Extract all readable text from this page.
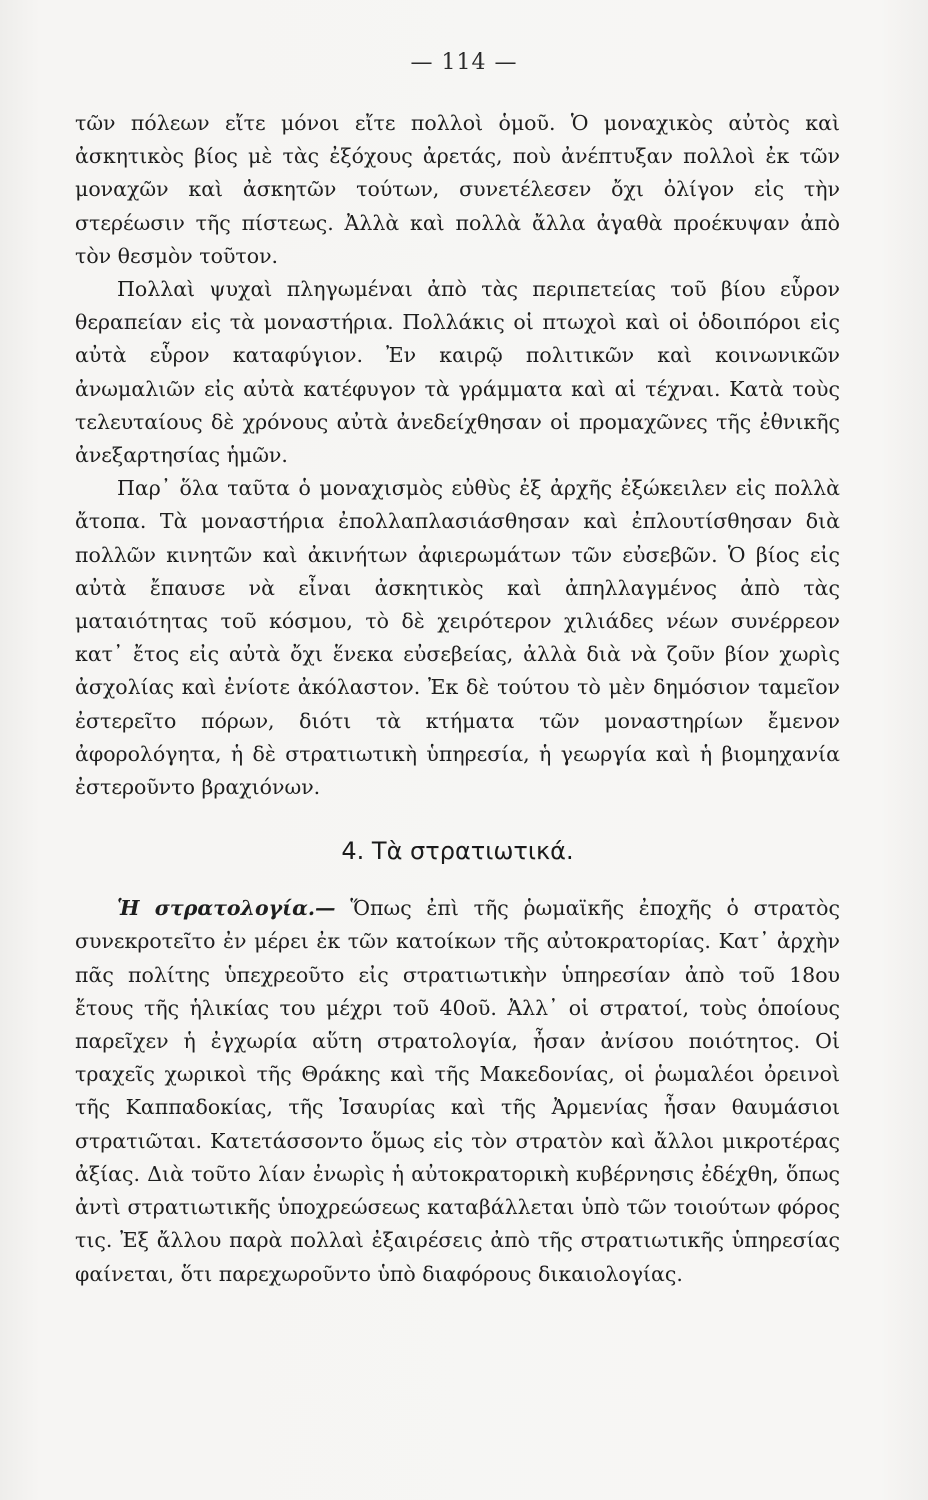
— 114 —

τῶν πόλεων εἴτε μόνοι εἴτε πολλοὶ ὁμοῦ. Ὁ μοναχικὸς αὐτὸς καὶ ἀσκητικὸς βίος μὲ τὰς ἐξόχους ἀρετάς, ποὺ ἀνέπτυξαν πολλοὶ ἐκ τῶν μοναχῶν καὶ ἀσκητῶν τούτων, συνετέλεσεν ὄχι ὀλίγον εἰς τὴν στερέωσιν τῆς πίστεως. Ἀλλὰ καὶ πολλὰ ἄλλα ἀγαθὰ προέκυψαν ἀπὸ τὸν θεσμὸν τοῦτον.

Πολλαὶ ψυχαὶ πληγωμέναι ἀπὸ τὰς περιπετείας τοῦ βίου εὗρον θεραπείαν εἰς τὰ μοναστήρια. Πολλάκις οἱ πτωχοὶ καὶ οἱ ὁδοιπόροι εἰς αὐτὰ εὗρον καταφύγιον. Ἐν καιρῷ πολιτικῶν καὶ κοινωνικῶν ἀνωμαλιῶν εἰς αὐτὰ κατέφυγον τὰ γράμματα καὶ αἱ τέχναι. Κατὰ τοὺς τελευταίους δὲ χρόνους αὐτὰ ἀνεδείχθησαν οἱ προμαχῶνες τῆς ἐθνικῆς ἀνεξαρτησίας ἡμῶν.

Παρ᾽ ὅλα ταῦτα ὁ μοναχισμὸς εὐθὺς ἐξ ἀρχῆς ἐξώκειλεν εἰς πολλὰ ἄτοπα. Τὰ μοναστήρια ἐπολλαπλασιάσθησαν καὶ ἐπλουτίσθησαν διὰ πολλῶν κινητῶν καὶ ἀκινήτων ἀφιερωμάτων τῶν εὐσεβῶν. Ὁ βίος εἰς αὐτὰ ἔπαυσε νὰ εἶναι ἀσκητικὸς καὶ ἀπηλλαγμένος ἀπὸ τὰς ματαιότητας τοῦ κόσμου, τὸ δὲ χειρότερον χιλιάδες νέων συνέρρεον κατ᾽ ἔτος εἰς αὐτὰ ὄχι ἕνεκα εὐσεβείας, ἀλλὰ διὰ νὰ ζοῦν βίον χωρὶς ἀσχολίας καὶ ἐνίοτε ἀκόλαστον. Ἐκ δὲ τούτου τὸ μὲν δημόσιον ταμεῖον ἐστερεῖτο πόρων, διότι τὰ κτήματα τῶν μοναστηρίων ἔμενον ἀφορολόγητα, ἡ δὲ στρατιωτικὴ ὑπηρεσία, ἡ γεωργία καὶ ἡ βιομηχανία ἐστεροῦντο βραχιόνων.

4. Τὰ στρατιωτικά.

Ἡ στρατολογία.— Ὅπως ἐπὶ τῆς ῥωμαϊκῆς ἐποχῆς ὁ στρατὸς συνεκροτεῖτο ἐν μέρει ἐκ τῶν κατοίκων τῆς αὐτοκρατορίας. Κατ᾽ ἀρχὴν πᾶς πολίτης ὑπεχρεοῦτο εἰς στρατιωτικὴν ὑπηρεσίαν ἀπὸ τοῦ 18ου ἔτους τῆς ἡλικίας του μέχρι τοῦ 40οῦ. Ἀλλ᾽ οἱ στρατοί, τοὺς ὁποίους παρεῖχεν ἡ ἐγχωρία αὕτη στρατολογία, ἦσαν ἀνίσου ποιότητος. Οἱ τραχεῖς χωρικοὶ τῆς Θράκης καὶ τῆς Μακεδονίας, οἱ ῥωμαλέοι ὀρεινοὶ τῆς Καππαδοκίας, τῆς Ἰσαυρίας καὶ τῆς Ἀρμενίας ἦσαν θαυμάσιοι στρατιῶται. Κατετάσσοντο ὅμως εἰς τὸν στρατὸν καὶ ἄλλοι μικροτέρας ἀξίας. Διὰ τοῦτο λίαν ἐνωρὶς ἡ αὐτοκρατορικὴ κυβέρνησις ἐδέχθη, ὅπως ἀντὶ στρατιωτικῆς ὑποχρεώσεως καταβάλλεται ὑπὸ τῶν τοιούτων φόρος τις. Ἐξ ἄλλου παρὰ πολλαὶ ἐξαιρέσεις ἀπὸ τῆς στρατιωτικῆς ὑπηρεσίας φαίνεται, ὅτι παρεχωροῦντο ὑπὸ διαφόρους δικαιολογίας.
